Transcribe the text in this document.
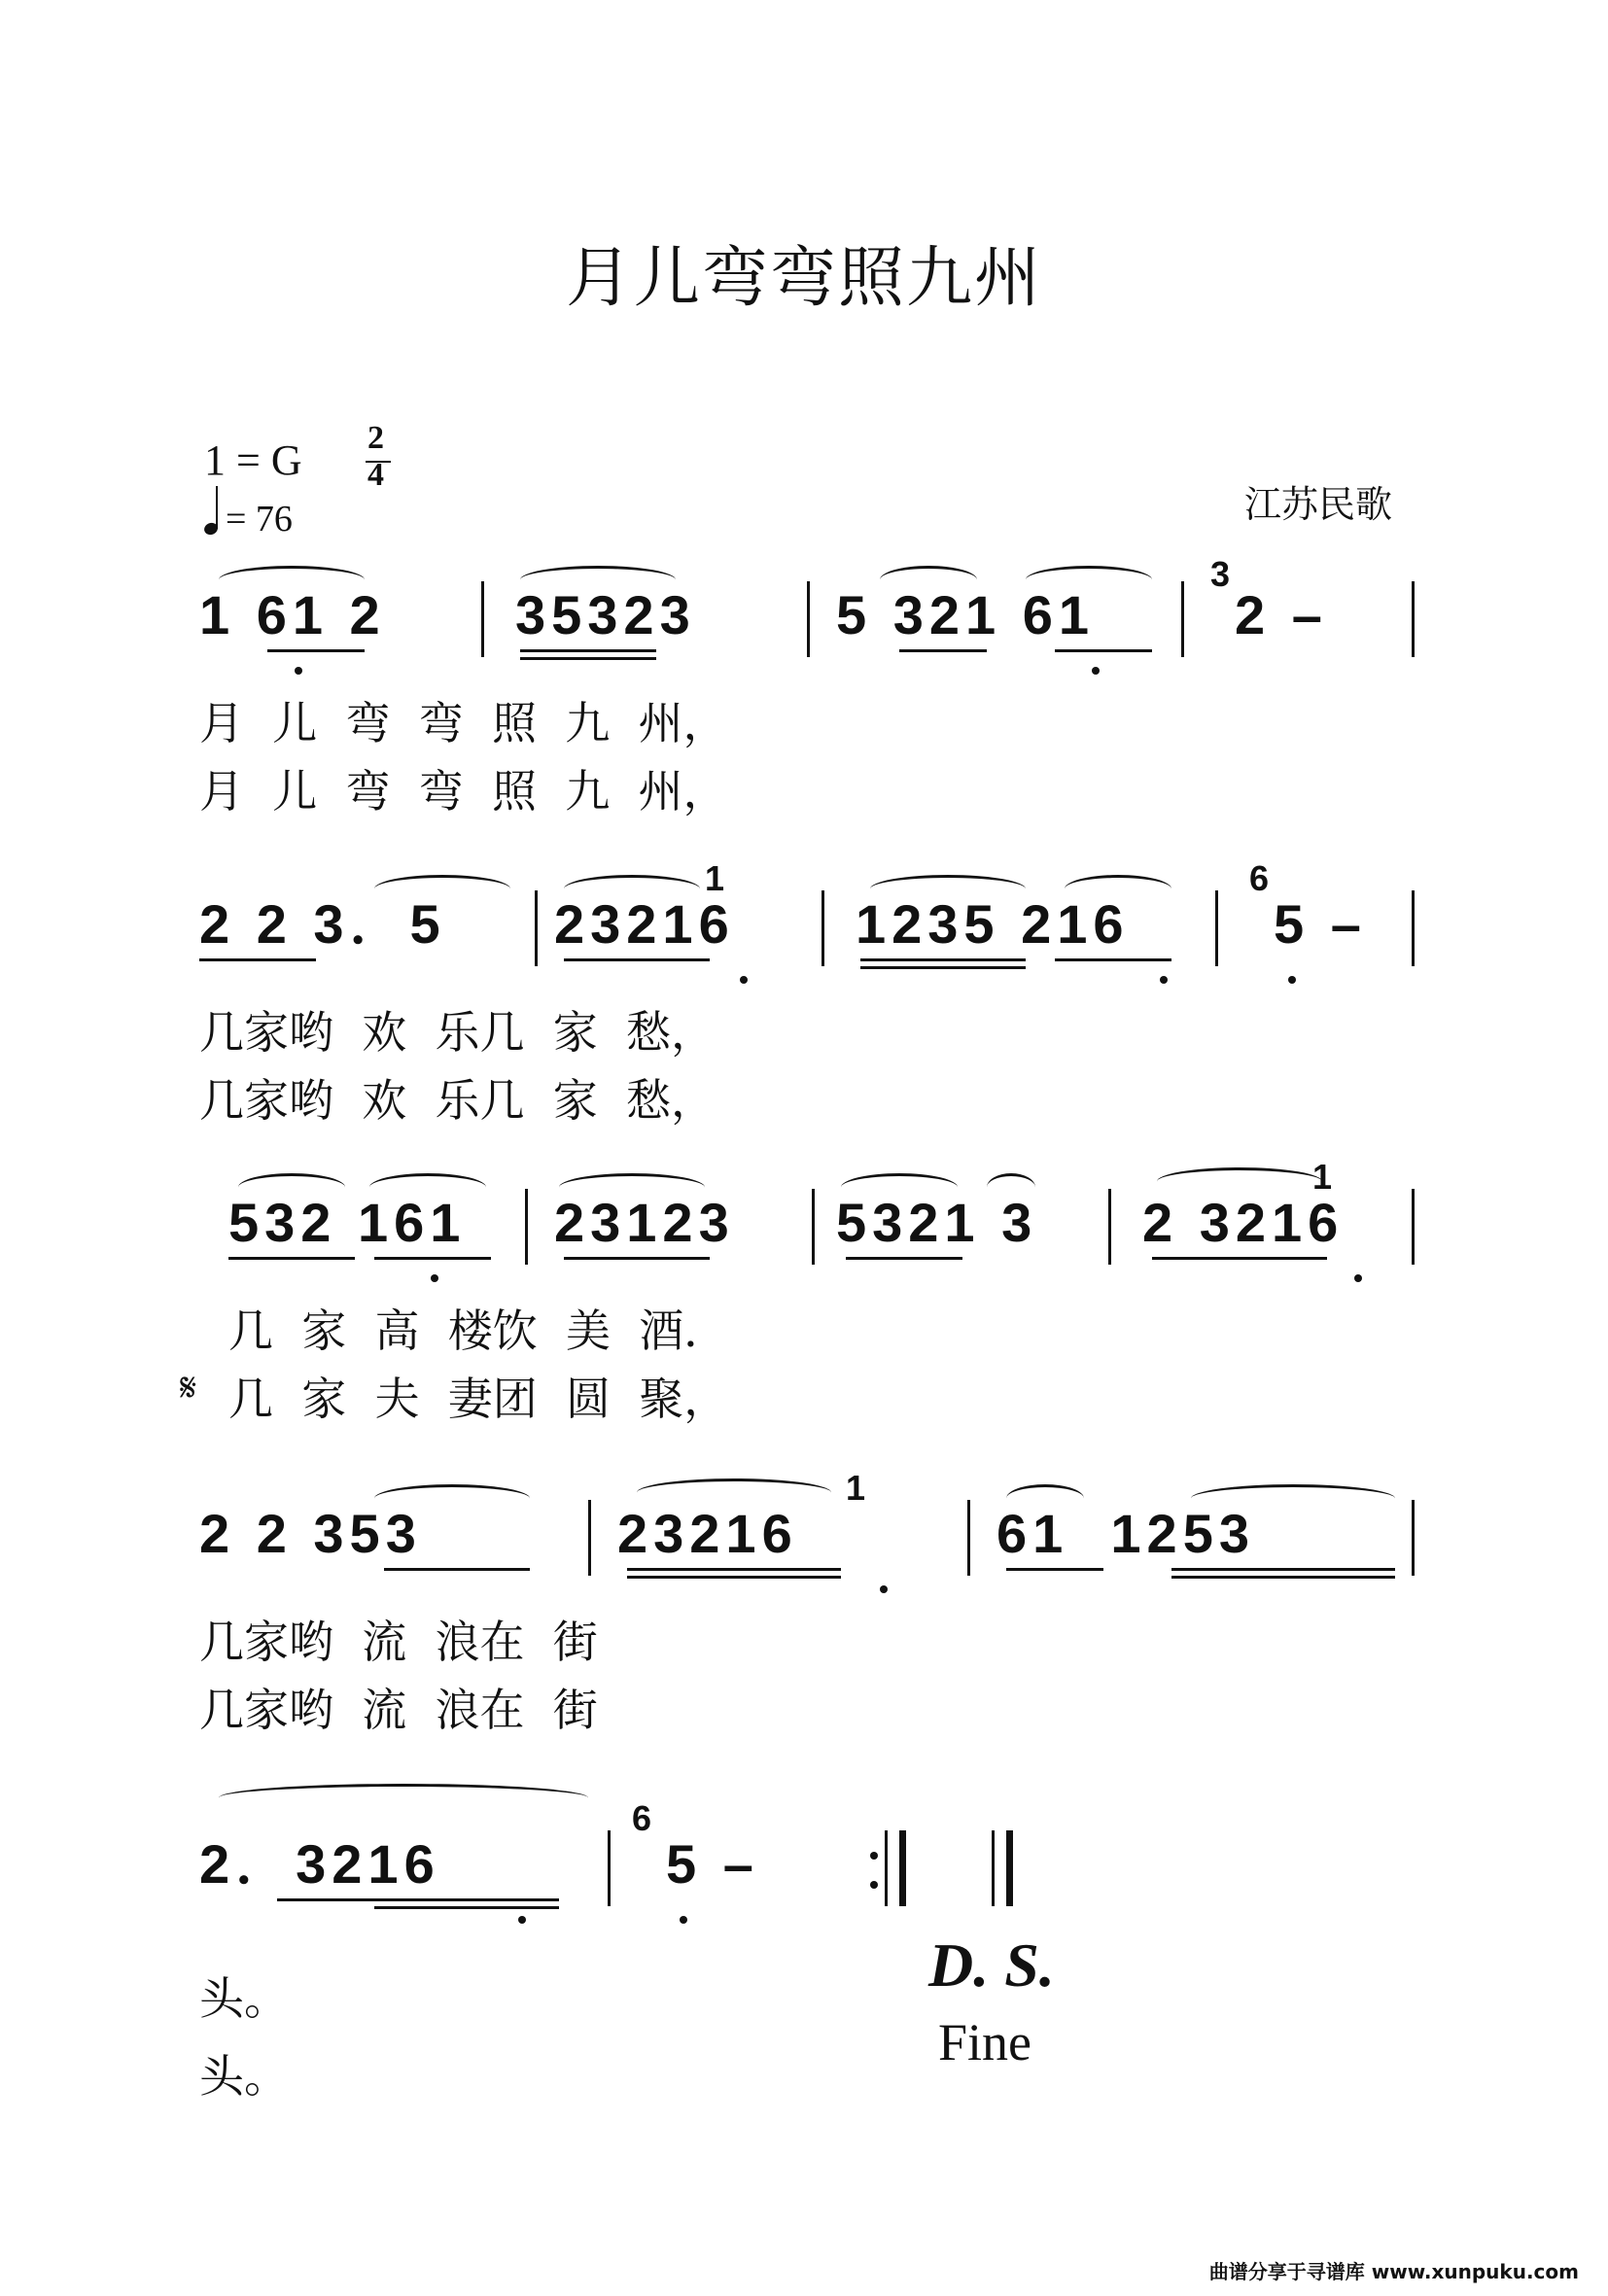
月儿弯弯照九州
1 = G 2
4
= 76	江苏民歌
1 61 2 35323	5 321 61	2 –
3
月  儿  弯  弯  照  九  州，
月  儿  弯  弯  照  九  州，
2 2 3．5 23216 1235 216	5 –
1	6
几家哟  欢  乐几  家  愁，
几家哟  欢  乐几  家  愁，
532 161 23123 5321 3 2 3216
1
𝄋
几  家  高  楼饮  美  酒．
几  家  夫  妻团  圆  聚，
2 2 353	23216	61  1253
1
几家哟  流  浪在  街
几家哟  流  浪在  街
2．3216	5 –
6
头。
头。
D. S.
Fine
曲谱分享于寻谱库 www.xunpuku.com
